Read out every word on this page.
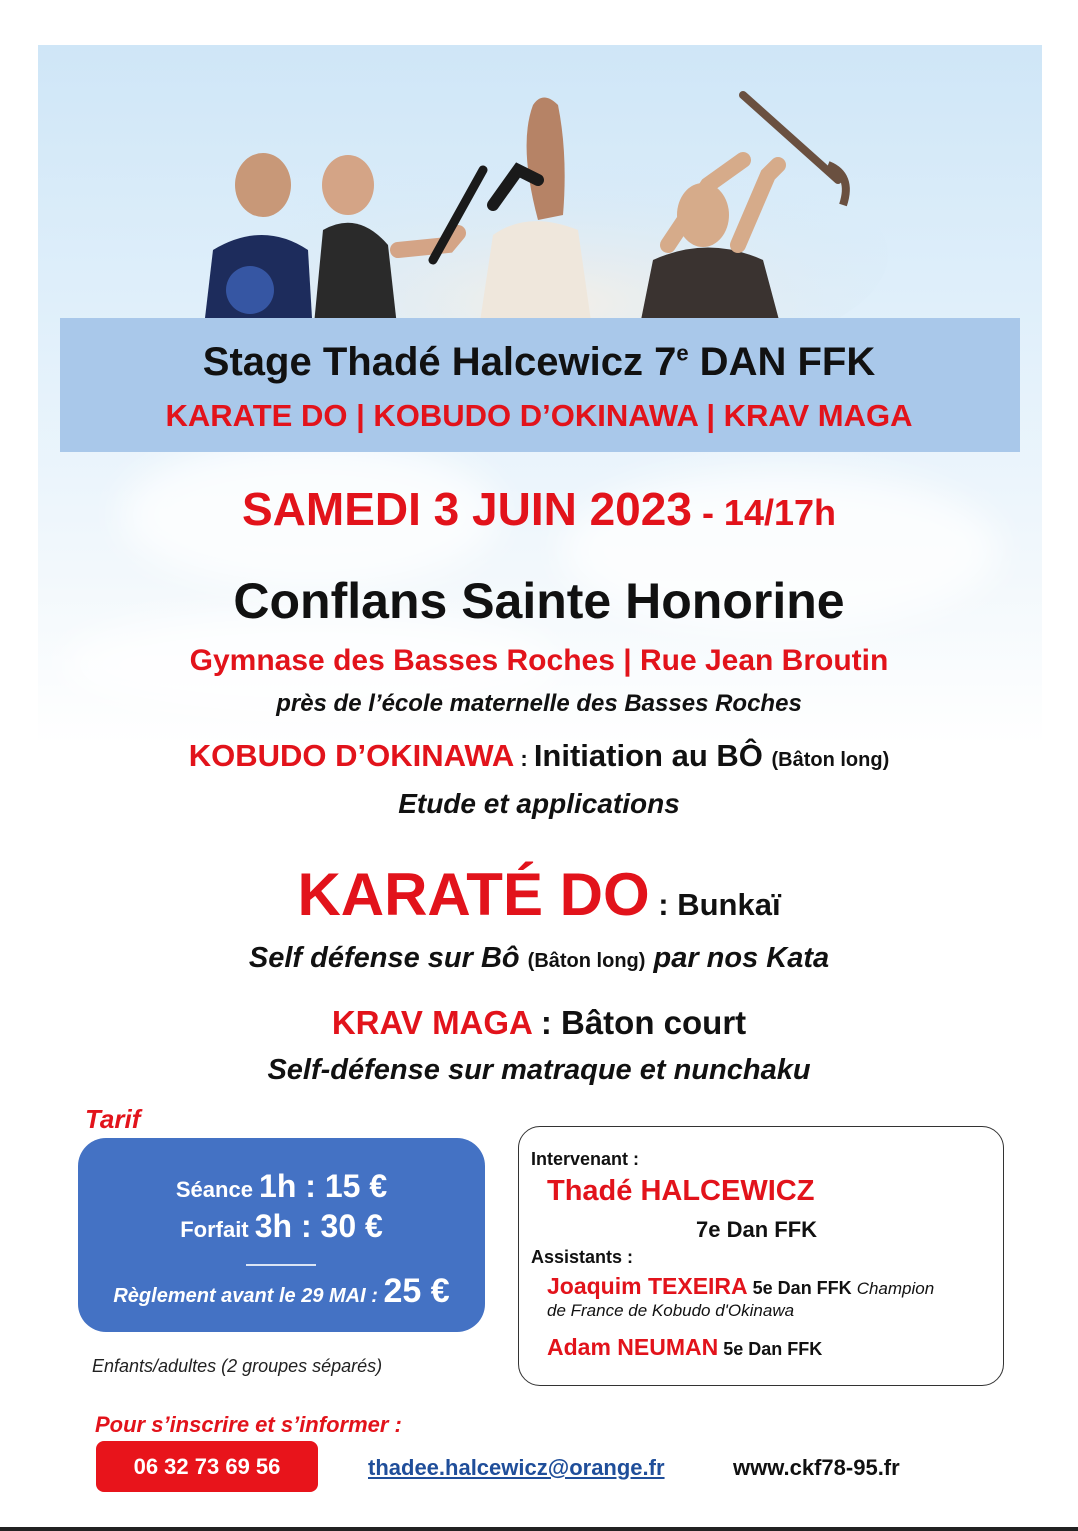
Stage Thadé Halcewicz 7e DAN FFK
KARATE DO | KOBUDO D’OKINAWA | KRAV MAGA
SAMEDI 3 JUIN 2023 - 14/17h
Conflans Sainte Honorine
Gymnase des Basses Roches | Rue Jean Broutin
près de l’école maternelle des Basses Roches
KOBUDO D’OKINAWA : Initiation au BÔ (Bâton long)
Etude et applications
KARATÉ DO : Bunkaï
Self défense sur Bô (Bâton long) par nos Kata
KRAV MAGA : Bâton court
Self-défense sur matraque et nunchaku
Tarif
Séance 1h : 15 €
Forfait 3h : 30 €
Règlement avant le 29 MAI : 25 €
Enfants/adultes (2 groupes séparés)
Intervenant :
Thadé HALCEWICZ
7e Dan FFK
Assistants :
Joaquim TEXEIRA 5e Dan FFK Champion
de France de Kobudo d'Okinawa
Adam NEUMAN 5e Dan FFK
Pour s’inscrire et s’informer :
06 32 73 69 56	thadee.halcewicz@orange.fr	www.ckf78-95.fr
